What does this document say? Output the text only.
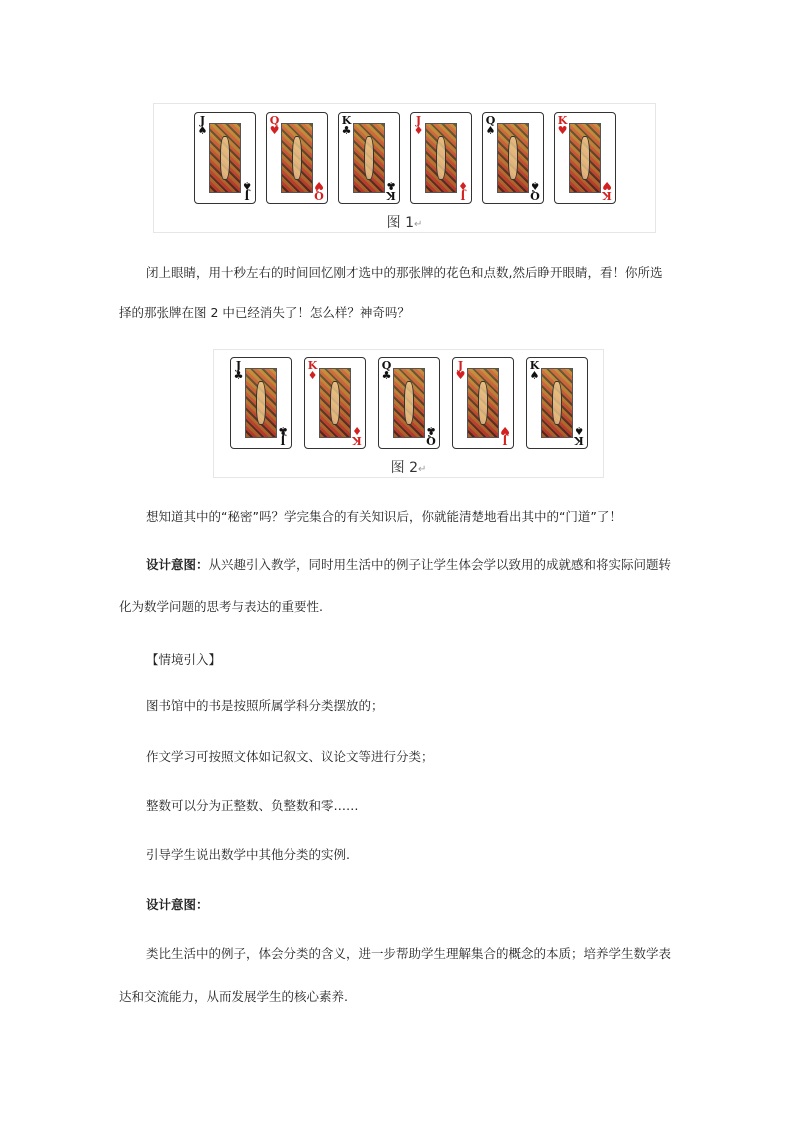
J
♠
J
♠
Q
♥
Q
♥
K
♣
K
♣
J
♦
J
♦
Q
♠
Q
♠
K
♥
K
♥
图 1↵
闭上眼睛，用十秒左右的时间回忆刚才选中的那张牌的花色和点数,然后睁开眼睛，看！你所选
择的那张牌在图 2 中已经消失了！怎么样？神奇吗？
J
♣
J
♣
K
♦
K
♦
Q
♣
Q
♣
J
♥
J
♥
K
♠
K
♠
图 2↵
想知道其中的“秘密”吗？学完集合的有关知识后，你就能清楚地看出其中的“门道”了！
设计意图：从兴趣引入教学，同时用生活中的例子让学生体会学以致用的成就感和将实际问题转
化为数学问题的思考与表达的重要性.
【情境引入】
图书馆中的书是按照所属学科分类摆放的；
作文学习可按照文体如记叙文、议论文等进行分类；
整数可以分为正整数、负整数和零……
引导学生说出数学中其他分类的实例.
设计意图：
类比生活中的例子，体会分类的含义，进一步帮助学生理解集合的概念的本质；培养学生数学表
达和交流能力，从而发展学生的核心素养.
